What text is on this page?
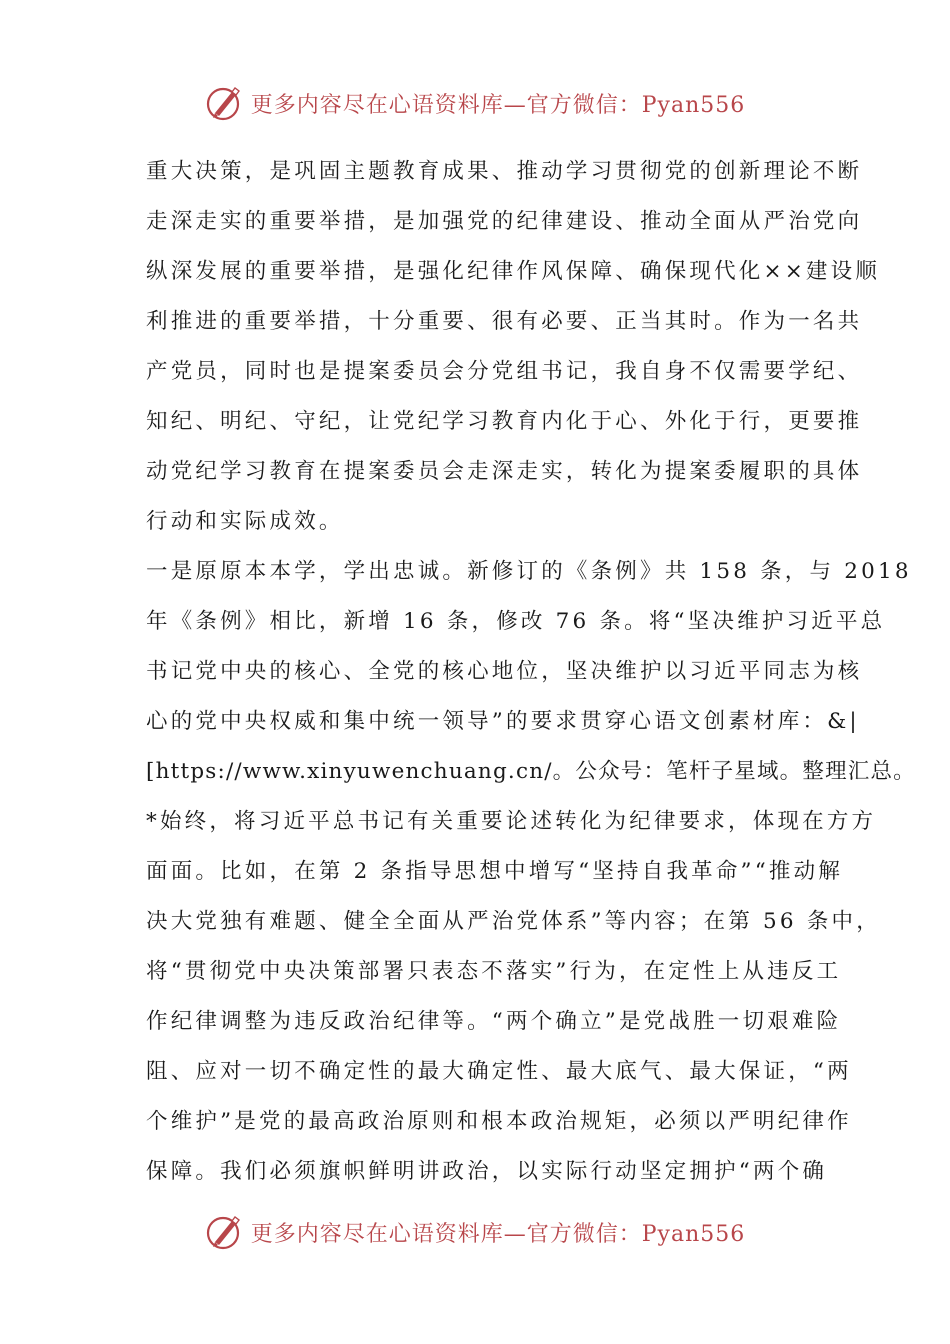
更多内容尽在心语资料库—官方微信：Pyan556
重大决策，是巩固主题教育成果、推动学习贯彻党的创新理论不断
走深走实的重要举措，是加强党的纪律建设、推动全面从严治党向
纵深发展的重要举措，是强化纪律作风保障、确保现代化××建设顺
利推进的重要举措，十分重要、很有必要、正当其时。作为一名共
产党员，同时也是提案委员会分党组书记，我自身不仅需要学纪、
知纪、明纪、守纪，让党纪学习教育内化于心、外化于行，更要推
动党纪学习教育在提案委员会走深走实，转化为提案委履职的具体
行动和实际成效。
一是原原本本学，学出忠诚。新修订的《条例》共 158 条，与 2018
年《条例》相比，新增 16 条，修改 76 条。将“坚决维护习近平总
书记党中央的核心、全党的核心地位，坚决维护以习近平同志为核
心的党中央权威和集中统一领导”的要求贯穿心语文创素材库：&|
[https://www.xinyuwenchuang.cn/。公众号：笔杆子星域。整理汇总。
*始终，将习近平总书记有关重要论述转化为纪律要求，体现在方方
面面。比如，在第 2 条指导思想中增写“坚持自我革命”“推动解
决大党独有难题、健全全面从严治党体系”等内容；在第 56 条中，
将“贯彻党中央决策部署只表态不落实”行为，在定性上从违反工
作纪律调整为违反政治纪律等。“两个确立”是党战胜一切艰难险
阻、应对一切不确定性的最大确定性、最大底气、最大保证，“两
个维护”是党的最高政治原则和根本政治规矩，必须以严明纪律作
保障。我们必须旗帜鲜明讲政治，以实际行动坚定拥护“两个确
更多内容尽在心语资料库—官方微信：Pyan556
